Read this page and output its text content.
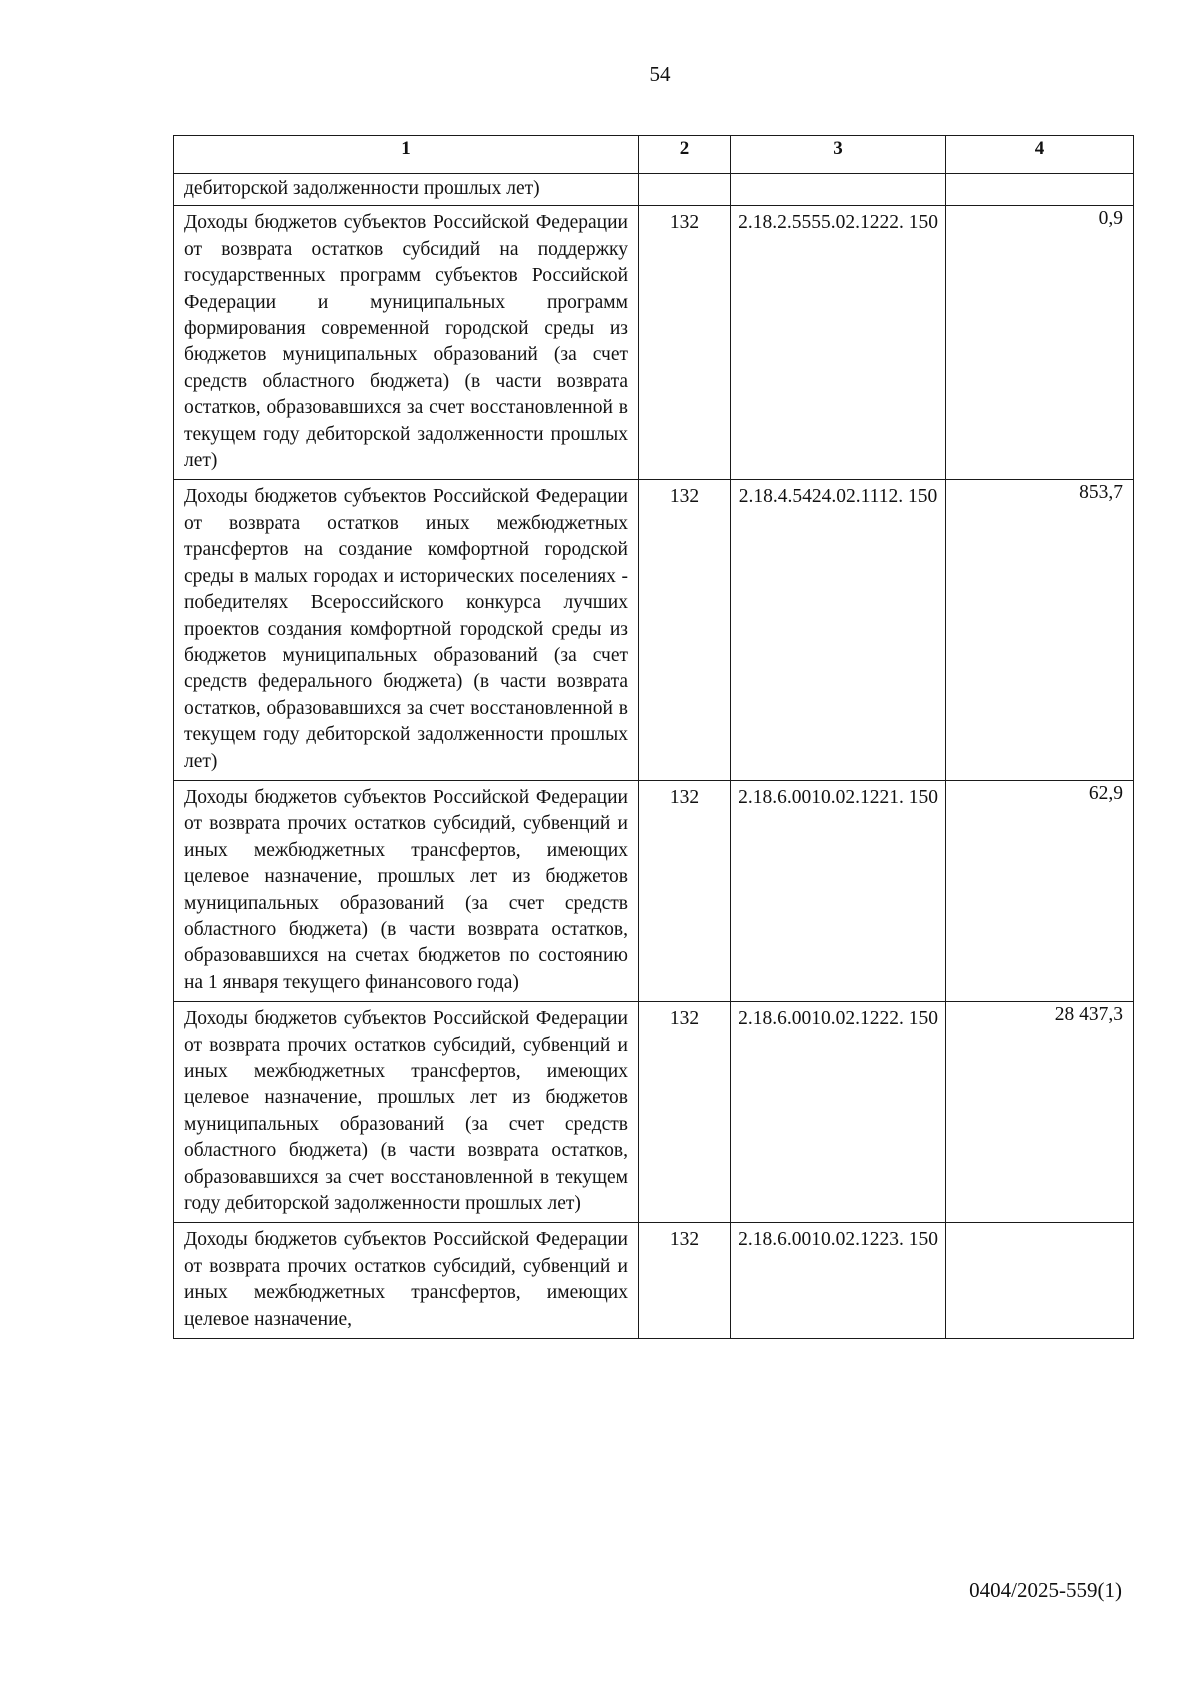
54
1	2	3	4
дебиторской задолженности прошлых лет)			
Доходы бюджетов субъектов Российской Федерации от возврата остатков субсидий на поддержку государственных программ субъектов Российской Федерации и муниципальных программ формирования современной городской среды из бюджетов муниципальных образований (за счет средств областного бюджета) (в части возврата остатков, образовавшихся за счет восстановленной в текущем году дебиторской задолженности прошлых лет)	132	2.18.2.5555.02.1222. 150	0,9
Доходы бюджетов субъектов Российской Федерации от возврата остатков иных межбюджетных трансфертов на создание комфортной городской среды в малых городах и исторических поселениях - победителях Всероссийского конкурса лучших проектов создания комфортной городской среды из бюджетов муниципальных образований (за счет средств федерального бюджета) (в части возврата остатков, образовавшихся за счет восстановленной в текущем году дебиторской задолженности прошлых лет)	132	2.18.4.5424.02.1112. 150	853,7
Доходы бюджетов субъектов Российской Федерации от возврата прочих остатков субсидий, субвенций и иных межбюджетных трансфертов, имеющих целевое назначение, прошлых лет из бюджетов муниципальных образований (за счет средств областного бюджета) (в части возврата остатков, образовавшихся на счетах бюджетов по состоянию на 1 января текущего финансового года)	132	2.18.6.0010.02.1221. 150	62,9
Доходы бюджетов субъектов Российской Федерации от возврата прочих остатков субсидий, субвенций и иных межбюджетных трансфертов, имеющих целевое назначение, прошлых лет из бюджетов муниципальных образований (за счет средств областного бюджета) (в части возврата остатков, образовавшихся за счет восстановленной в текущем году дебиторской задолженности прошлых лет)	132	2.18.6.0010.02.1222. 150	28 437,3
Доходы бюджетов субъектов Российской Федерации от возврата прочих остатков субсидий, субвенций и иных межбюджетных трансфертов, имеющих целевое назначение,	132	2.18.6.0010.02.1223. 150	
0404/2025-559(1)
